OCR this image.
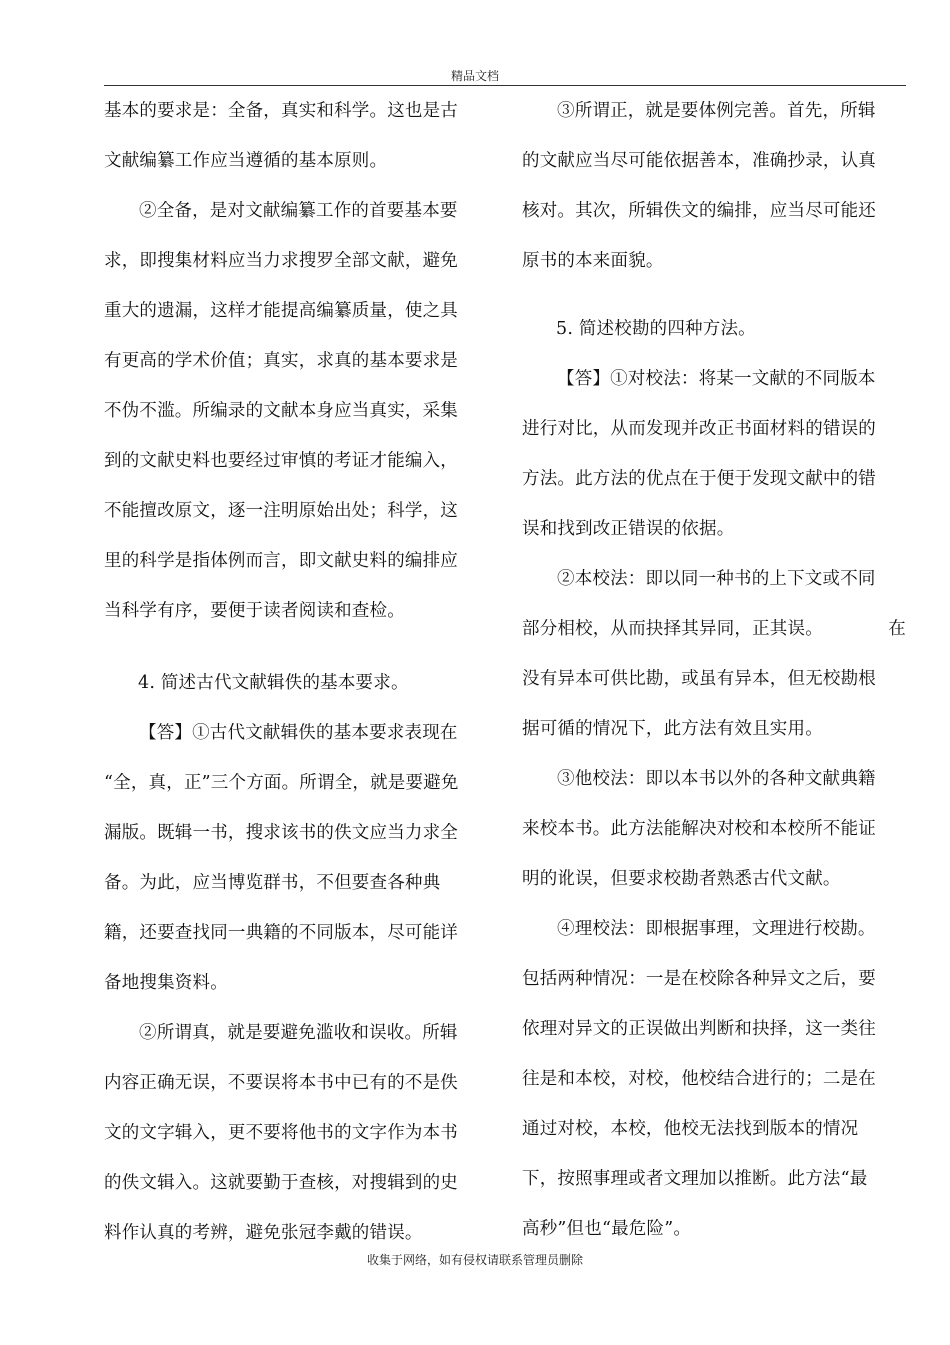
精品文档
基本的要求是：全备，真实和科学。这也是古
文献编纂工作应当遵循的基本原则。
②全备，是对文献编纂工作的首要基本要
求，即搜集材料应当力求搜罗全部文献，避免
重大的遗漏，这样才能提高编纂质量，使之具
有更高的学术价值；真实，求真的基本要求是
不伪不滥。所编录的文献本身应当真实，采集
到的文献史料也要经过审慎的考证才能编入，
不能擅改原文，逐一注明原始出处；科学，这
里的科学是指体例而言，即文献史料的编排应
当科学有序，要便于读者阅读和查检。
4. 简述古代文献辑佚的基本要求。
【答】①古代文献辑佚的基本要求表现在
“全，真，正”三个方面。所谓全，就是要避免
漏版。既辑一书，搜求该书的佚文应当力求全
备。为此，应当博览群书，不但要查各种典
籍，还要查找同一典籍的不同版本，尽可能详
备地搜集资料。
②所谓真，就是要避免滥收和误收。所辑
内容正确无误，不要误将本书中已有的不是佚
文的文字辑入，更不要将他书的文字作为本书
的佚文辑入。这就要勤于查核，对搜辑到的史
料作认真的考辨，避免张冠李戴的错误。
③所谓正，就是要体例完善。首先，所辑
的文献应当尽可能依据善本，准确抄录，认真
核对。其次，所辑佚文的编排，应当尽可能还
原书的本来面貌。
5. 简述校勘的四种方法。
【答】①对校法：将某一文献的不同版本
进行对比，从而发现并改正书面材料的错误的
方法。此方法的优点在于便于发现文献中的错
误和找到改正错误的依据。
②本校法：即以同一种书的上下文或不同
部分相校，从而抉择其异同，正其误。	在
没有异本可供比勘，或虽有异本，但无校勘根
据可循的情况下，此方法有效且实用。
③他校法：即以本书以外的各种文献典籍
来校本书。此方法能解决对校和本校所不能证
明的讹误，但要求校勘者熟悉古代文献。
④理校法：即根据事理，文理进行校勘。
包括两种情况：一是在校除各种异文之后，要
依理对异文的正误做出判断和抉择，这一类往
往是和本校，对校，他校结合进行的；二是在
通过对校，本校，他校无法找到版本的情况
下，按照事理或者文理加以推断。此方法“最
高秒”但也“最危险”。
收集于网络，如有侵权请联系管理员删除
